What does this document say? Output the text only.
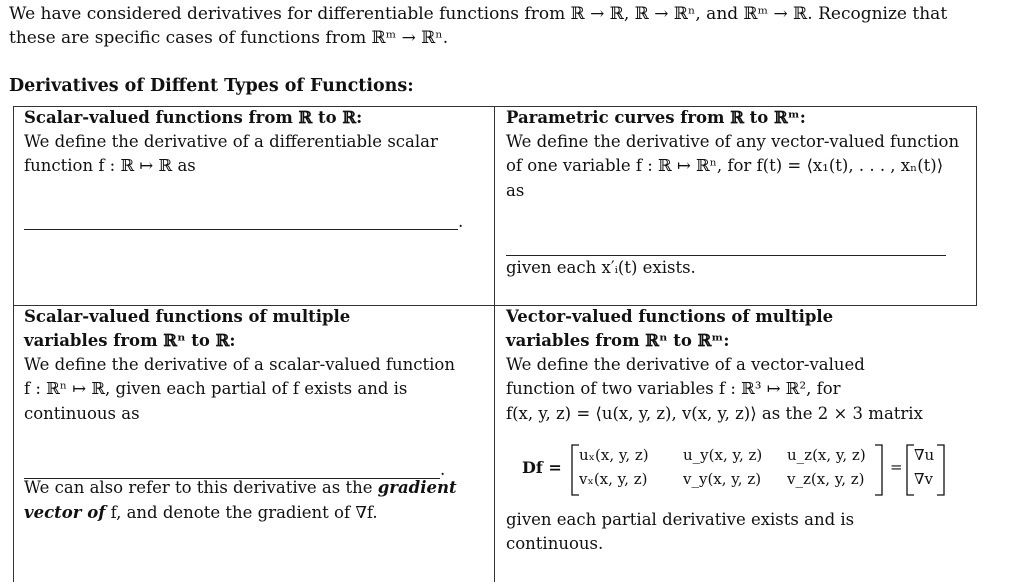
We have considered derivatives for differentiable functions from ℝ → ℝ, ℝ → ℝⁿ, and ℝᵐ → ℝ. Recognize that
these are specific cases of functions from ℝᵐ → ℝⁿ.
Derivatives of Diffent Types of Functions:
Scalar-valued functions from ℝ to ℝ:
We define the derivative of a differentiable scalar
function f : ℝ ↦ ℝ as
.
Parametric curves from ℝ to ℝᵐ:
We define the derivative of any vector-valued function
of one variable f : ℝ ↦ ℝⁿ, for f(t) = ⟨x₁(t), . . . , xₙ(t)⟩
as
given each x′ᵢ(t) exists.
Scalar-valued functions of multiple
variables from ℝⁿ to ℝ:
We define the derivative of a scalar-valued function
f : ℝⁿ ↦ ℝ, given each partial of f exists and is
continuous as
.
We can also refer to this derivative as the gradient
vector of f, and denote the gradient of ∇f.
Vector-valued functions of multiple
variables from ℝⁿ to ℝᵐ:
We define the derivative of a vector-valued
function of two variables f : ℝ³ ↦ ℝ², for
f(x, y, z) = ⟨u(x, y, z), v(x, y, z)⟩ as the 2 × 3 matrix
Df =
uₓ(x, y, z) u_y(x, y, z) u_z(x, y, z)
vₓ(x, y, z) v_y(x, y, z) v_z(x, y, z)
=
∇u
∇v
given each partial derivative exists and is
continuous.
